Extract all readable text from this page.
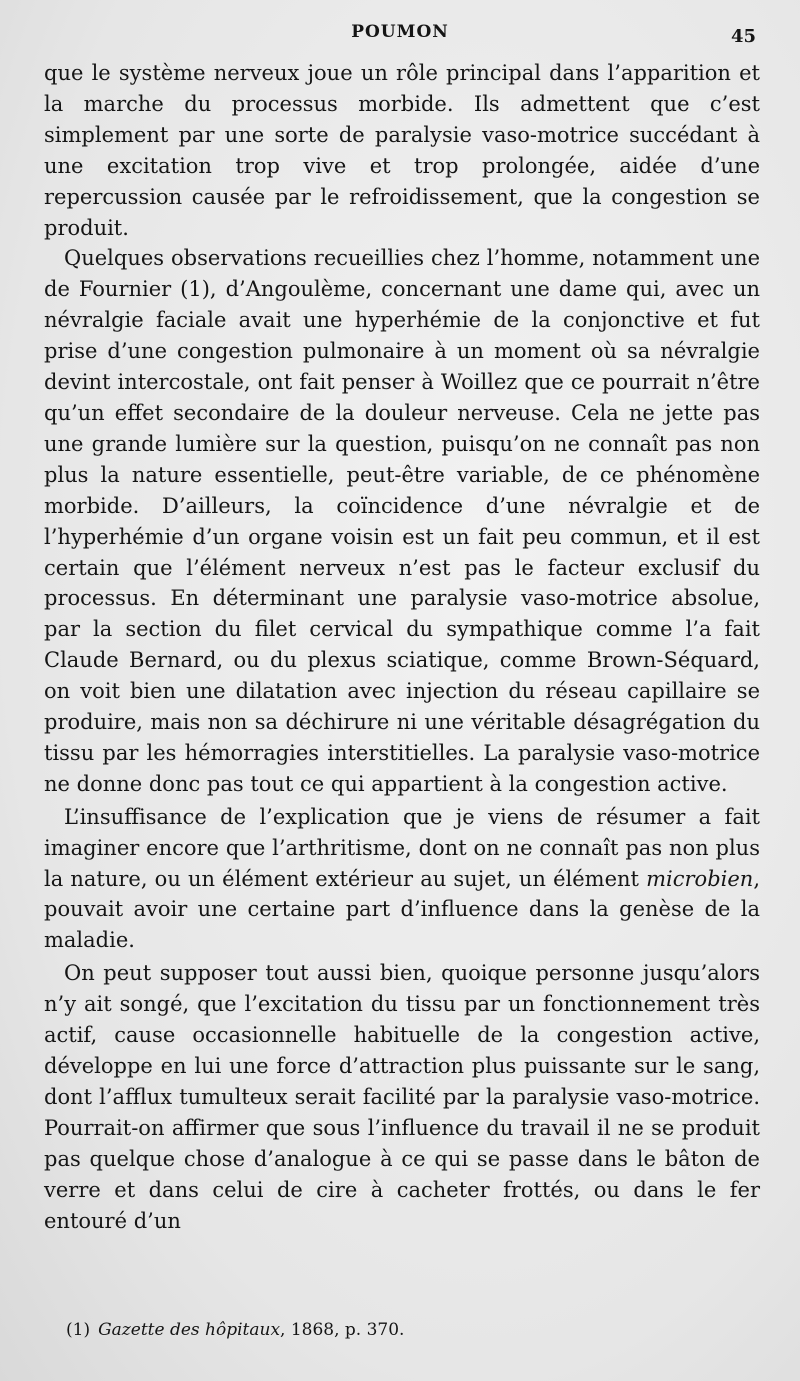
POUMON	45

que le système nerveux joue un rôle principal dans l’apparition et la marche du processus morbide. Ils admettent que c’est simplement par une sorte de paralysie vaso-motrice succédant à une excitation trop vive et trop prolongée, aidée d’une repercussion causée par le refroidissement, que la congestion se produit.

Quelques observations recueillies chez l’homme, notamment une de Fournier (1), d’Angoulème, concernant une dame qui, avec un névralgie faciale avait une hyperhémie de la conjonctive et fut prise d’une congestion pulmonaire à un moment où sa névralgie devint intercostale, ont fait penser à Woillez que ce pourrait n’être qu’un effet secondaire de la douleur nerveuse. Cela ne jette pas une grande lumière sur la question, puisqu’on ne connaît pas non plus la nature essentielle, peut-être variable, de ce phénomène morbide. D’ailleurs, la coïncidence d’une névralgie et de l’hyperhémie d’un organe voisin est un fait peu commun, et il est certain que l’élément nerveux n’est pas le facteur exclusif du processus. En déterminant une paralysie vaso-motrice absolue, par la section du filet cervical du sympathique comme l’a fait Claude Bernard, ou du plexus sciatique, comme Brown-Séquard, on voit bien une dilatation avec injection du réseau capillaire se produire, mais non sa déchirure ni une véritable désagrégation du tissu par les hémorragies interstitielles. La paralysie vaso-motrice ne donne donc pas tout ce qui appartient à la congestion active.

L’insuffisance de l’explication que je viens de résumer a fait imaginer encore que l’arthritisme, dont on ne connaît pas non plus la nature, ou un élément extérieur au sujet, un élément microbien, pouvait avoir une certaine part d’influence dans la genèse de la maladie.

On peut supposer tout aussi bien, quoique personne jusqu’alors n’y ait songé, que l’excitation du tissu par un fonctionnement très actif, cause occasionnelle habituelle de la congestion active, développe en lui une force d’attraction plus puissante sur le sang, dont l’afflux tumulteux serait facilité par la paralysie vaso-motrice. Pourrait-on affirmer que sous l’influence du travail il ne se produit pas quelque chose d’analogue à ce qui se passe dans le bâton de verre et dans celui de cire à cacheter frottés, ou dans le fer entouré d’un

(1) Gazette des hôpitaux, 1868, p. 370.
